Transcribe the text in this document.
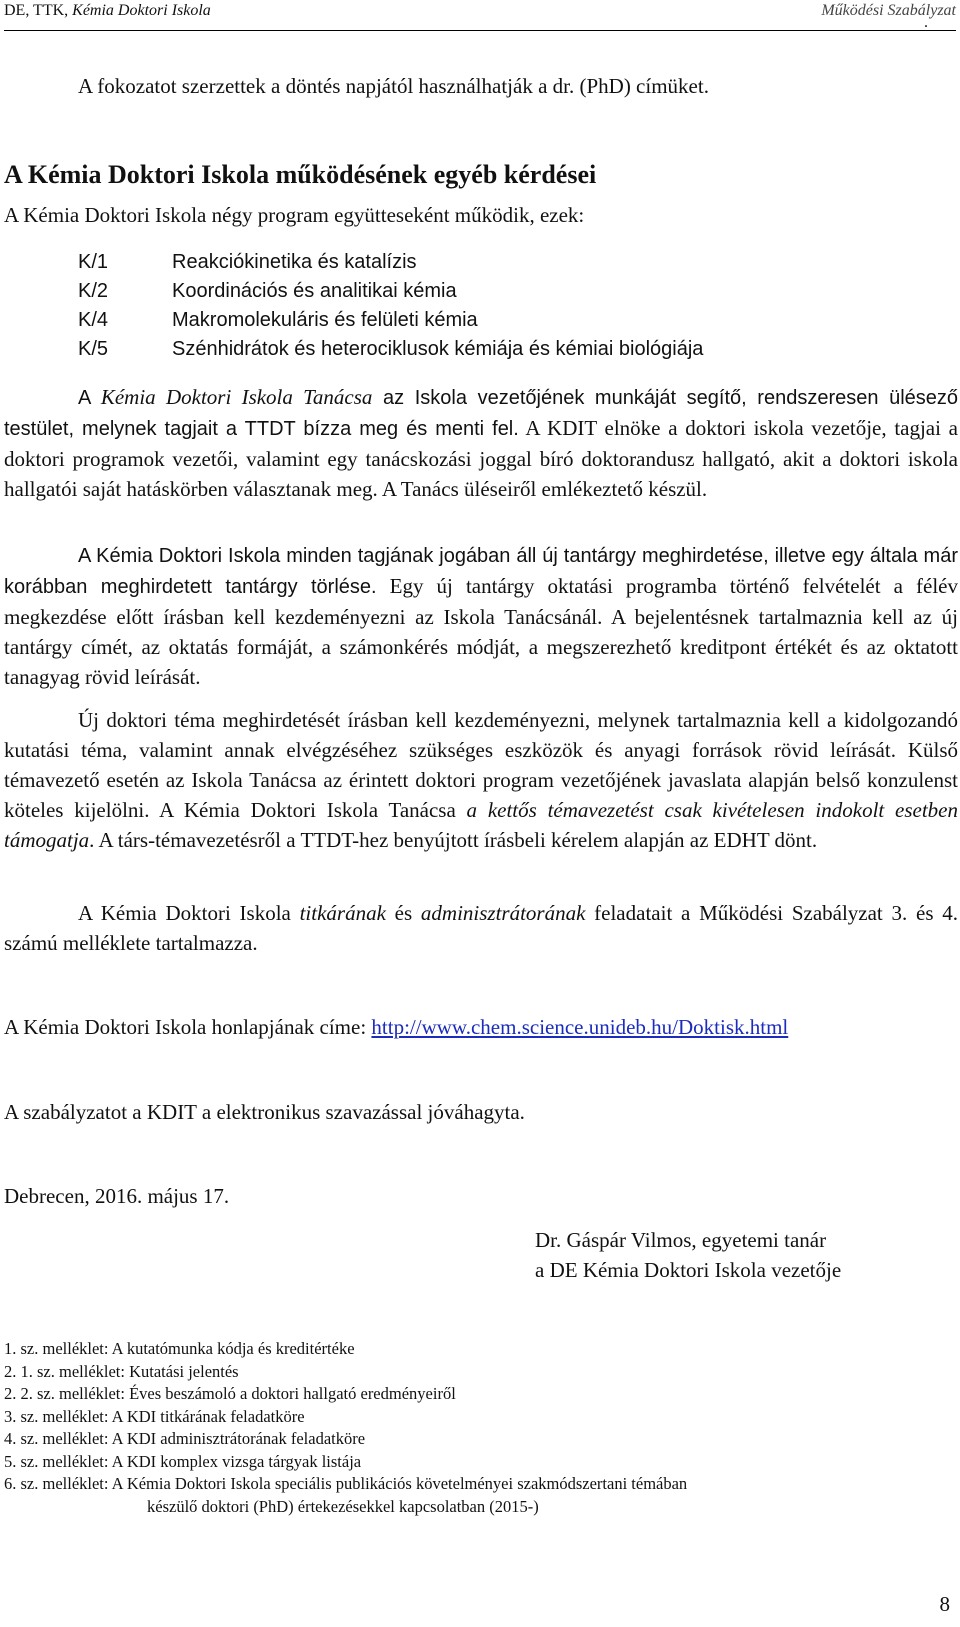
DE, TTK, Kémia Doktori Iskola
.
Működési Szabályzat

A fokozatot szerzettek a döntés napjától használhatják a dr. (PhD) címüket.

A Kémia Doktori Iskola működésének egyéb kérdései

A Kémia Doktori Iskola négy program együtteseként működik, ezek:

K/1	Reakciókinetika és katalízis
K/2	Koordinációs és analitikai kémia
K/4	Makromolekuláris és felületi kémia
K/5	Szénhidrátok és heterociklusok kémiája és kémiai biológiája

A Kémia Doktori Iskola Tanácsa az Iskola vezetőjének munkáját segítő, rendszeresen ülésező testület, melynek tagjait a TTDT bízza meg és menti fel. A KDIT elnöke a doktori iskola vezetője, tagjai a doktori programok vezetői, valamint egy tanácskozási joggal bíró doktorandusz hallgató, akit a doktori iskola hallgatói saját hatáskörben választanak meg. A Tanács üléseiről emlékeztető készül.

A Kémia Doktori Iskola minden tagjának jogában áll új tantárgy meghirdetése, illetve egy általa már korábban meghirdetett tantárgy törlése. Egy új tantárgy oktatási programba történő felvételét a félév megkezdése előtt írásban kell kezdeményezni az Iskola Tanácsánál. A bejelentésnek tartalmaznia kell az új tantárgy címét, az oktatás formáját, a számonkérés módját, a megszerezhető kreditpont értékét és az oktatott tanagyag rövid leírását.

Új doktori téma meghirdetését írásban kell kezdeményezni, melynek tartalmaznia kell a kidolgozandó kutatási téma, valamint annak elvégzéséhez szükséges eszközök és anyagi források rövid leírását. Külső témavezető esetén az Iskola Tanácsa az érintett doktori program vezetőjének javaslata alapján belső konzulenst köteles kijelölni. A Kémia Doktori Iskola Tanácsa a kettős témavezetést csak kivételesen indokolt esetben támogatja. A társ-témavezetésről a TTDT-hez benyújtott írásbeli kérelem alapján az EDHT dönt.

A Kémia Doktori Iskola titkárának és adminisztrátorának feladatait a Működési Szabályzat 3. és 4. számú melléklete tartalmazza.

A Kémia Doktori Iskola honlapjának címe: http://www.chem.science.unideb.hu/Doktisk.html

A szabályzatot a KDIT a elektronikus szavazással jóváhagyta.

Debrecen, 2016. május 17.

Dr. Gáspár Vilmos, egyetemi tanár
a DE Kémia Doktori Iskola vezetője
1. sz. melléklet: A kutatómunka kódja és kreditértéke
2. 1. sz. melléklet: Kutatási jelentés
2. 2. sz. melléklet: Éves beszámoló a doktori hallgató eredményeiről
3. sz. melléklet: A KDI titkárának feladatköre
4. sz. melléklet: A KDI adminisztrátorának feladatköre
5. sz. melléklet: A KDI komplex vizsga tárgyak listája
6. sz. melléklet: A Kémia Doktori Iskola speciális publikációs követelményei szakmódszertani témában
készülő doktori (PhD) értekezésekkel kapcsolatban (2015-)
8
